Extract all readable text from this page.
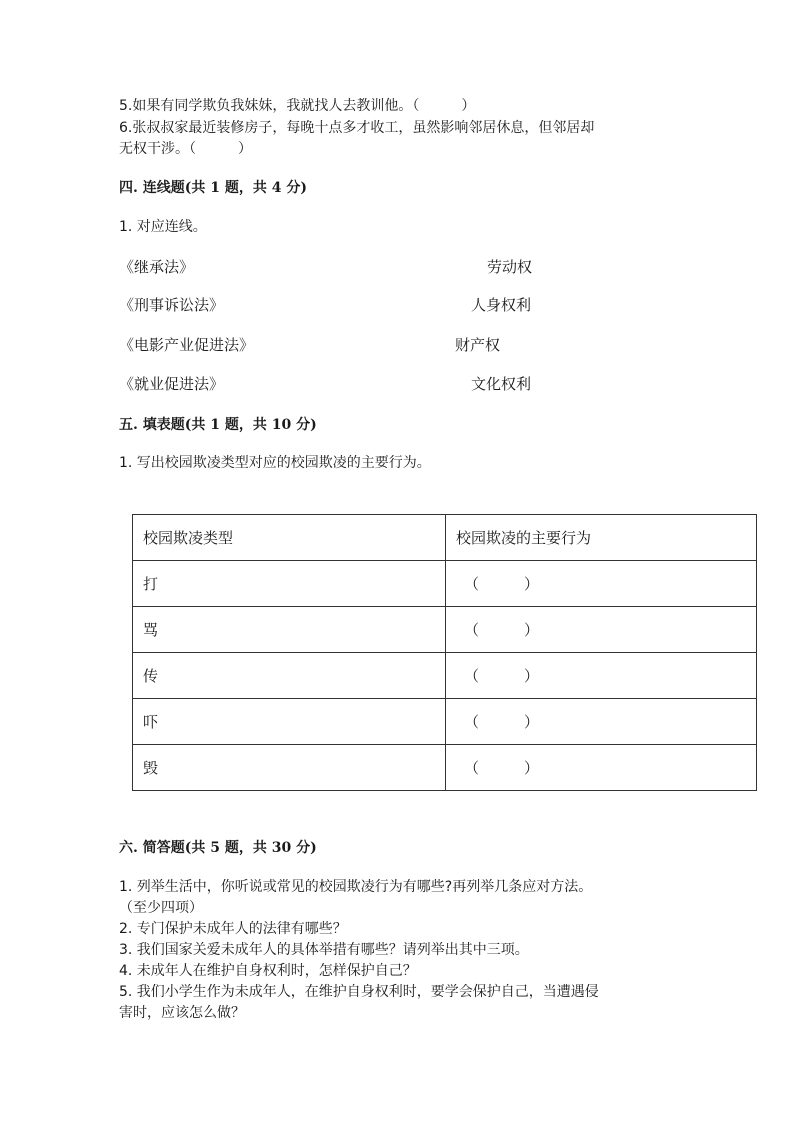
5.如果有同学欺负我妹妹，我就找人去教训他。（　　　）
6.张叔叔家最近装修房子，每晚十点多才收工，虽然影响邻居休息，但邻居却
无权干涉。（　　　）
四. 连线题(共 1 题，共 4 分)
1. 对应连线。
《继承法》	劳动权
《刑事诉讼法》	人身权利
《电影产业促进法》	财产权
《就业促进法》	文化权利
五. 填表题(共 1 题，共 10 分)
1. 写出校园欺凌类型对应的校园欺凌的主要行为。
校园欺凌类型	校园欺凌的主要行为
打	（　　　）
骂	（　　　）
传	（　　　）
吓	（　　　）
毁	（　　　）
六. 简答题(共 5 题，共 30 分)
1. 列举生活中，你听说或常见的校园欺凌行为有哪些?再列举几条应对方法。
（至少四项）
2. 专门保护未成年人的法律有哪些？
3. 我们国家关爱未成年人的具体举措有哪些？请列举出其中三项。
4. 未成年人在维护自身权利时，怎样保护自己？
5. 我们小学生作为未成年人，在维护自身权利时，要学会保护自己，当遭遇侵
害时，应该怎么做？
